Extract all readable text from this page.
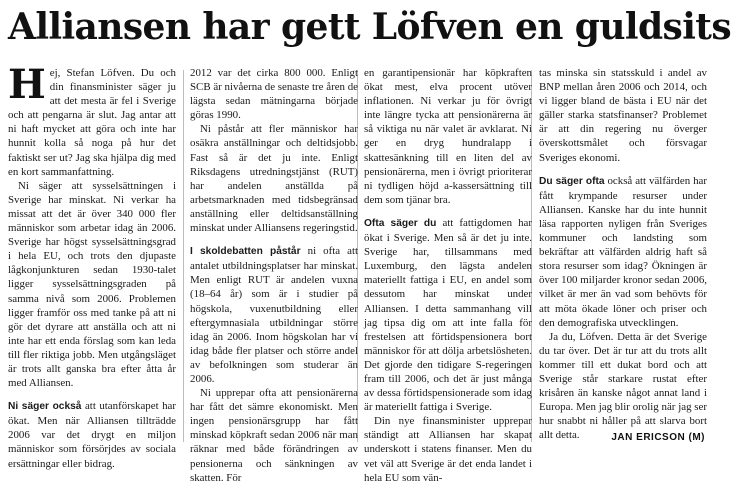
Alliansen har gett Löfven en guldsits

Hej, Stefan Löfven. Du och din finansminister säger ju att det mesta är fel i Sverige och att pengarna är slut. Jag antar att ni haft mycket att göra och inte har hunnit kolla så noga på hur det faktiskt ser ut? Jag ska hjälpa dig med en kort sammanfattning.

Ni säger att sysselsättningen i Sverige har minskat. Ni verkar ha missat att det är över 340 000 fler människor som arbetar idag än 2006. Sverige har högst sysselsättningsgrad i hela EU, och trots den djupaste lågkonjunkturen sedan 1930-talet ligger sysselsättningsgraden på samma nivå som 2006. Problemen ligger framför oss med tanke på att ni gör det dyrare att anställa och att ni inte har ett enda förslag som kan leda till fler riktiga jobb. Men utgångsläget är trots allt ganska bra efter åtta år med Alliansen.

Ni säger också att utanförskapet har ökat. Men när Alliansen tillträdde 2006 var det drygt en miljon människor som försörjdes av sociala ersättningar eller bidrag.

2012 var det cirka 800 000. Enligt SCB är nivåerna de senaste tre åren de lägsta sedan mätningarna började göras 1990.

Ni påstår att fler människor har osäkra anställningar och deltidsjobb. Fast så är det ju inte. Enligt Riksdagens utredningstjänst (RUT) har andelen anställda på arbetsmarknaden med tidsbegränsad anställning eller deltidsanställning minskat under Alliansens regeringstid.

I skoldebatten påstår ni ofta att antalet utbildningsplatser har minskat. Men enligt RUT är andelen vuxna (18–64 år) som är i studier på högskola, vuxenutbildning eller eftergymnasiala utbildningar större idag än 2006. Inom högskolan har vi idag både fler platser och större andel av befolkningen som studerar än 2006.

Ni upprepar ofta att pensionärerna har fått det sämre ekonomiskt. Men ingen pensionärsgrupp har fått minskad köpkraft sedan 2006 när man räknar med både förändringen av pensionerna och sänkningen av skatten. För

en garantipensionär har köpkraften ökat mest, elva procent utöver inflationen. Ni verkar ju för övrigt inte längre tycka att pensionärerna är så viktiga nu när valet är avklarat. Ni ger en dryg hundralapp i skattesänkning till en liten del av pensionärerna, men i övrigt prioriterar ni tydligen höjd a-kassersättning till dem som tjänar bra.

Ofta säger du att fattigdomen har ökat i Sverige. Men så är det ju inte. Sverige har, tillsammans med Luxemburg, den lägsta andelen materiellt fattiga i EU, en andel som dessutom har minskat under Alliansen. I detta sammanhang vill jag tipsa dig om att inte falla för frestelsen att förtidspensionera bort människor för att dölja arbetslösheten. Det gjorde den tidigare S-regeringen fram till 2006, och det är just många av dessa förtidspensionerade som idag är materiellt fattiga i Sverige.

Din nye finansminister upprepar ständigt att Alliansen har skapat underskott i statens finanser. Men du vet väl att Sverige är det enda landet i hela EU som vän-

tas minska sin statsskuld i andel av BNP mellan åren 2006 och 2014, och vi ligger bland de bästa i EU när det gäller starka statsfinanser? Problemet är att din regering nu överger överskottsmålet och försvagar Sveriges ekonomi.

Du säger ofta också att välfärden har fått krympande resurser under Alliansen. Kanske har du inte hunnit läsa rapporten nyligen från Sveriges kommuner och landsting som bekräftar att välfärden aldrig haft så stora resurser som idag? Ökningen är över 100 miljarder kronor sedan 2006, vilket är mer än vad som behövts för att möta ökade löner och priser och den demografiska utvecklingen.

Ja du, Löfven. Detta är det Sverige du tar över. Det är tur att du trots allt kommer till ett dukat bord och att Sverige står starkare rustat efter krisåren än kanske något annat land i Europa. Men jag blir orolig när jag ser hur snabbt ni håller på att slarva bort allt detta.	JAN ERICSON (M)
